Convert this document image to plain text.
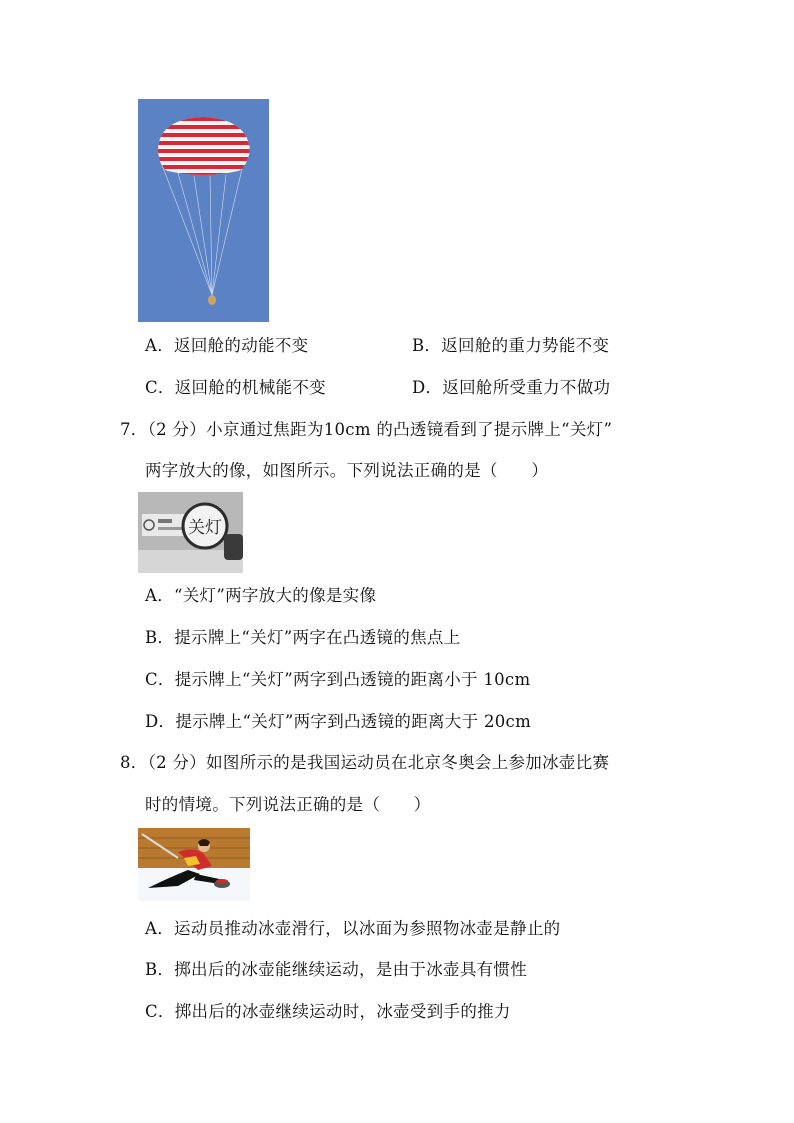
A．返回舱的动能不变	B．返回舱的重力势能不变
C．返回舱的机械能不变	D．返回舱所受重力不做功
7．（2 分）小京通过焦距为10cm 的凸透镜看到了提示牌上“关灯”
两字放大的像，如图所示。下列说法正确的是（　　）
关灯
A．“关灯”两字放大的像是实像
B．提示牌上“关灯”两字在凸透镜的焦点上
C．提示牌上“关灯”两字到凸透镜的距离小于 10cm
D．提示牌上“关灯”两字到凸透镜的距离大于 20cm
8．（2 分）如图所示的是我国运动员在北京冬奥会上参加冰壶比赛
时的情境。下列说法正确的是（　　）
A．运动员推动冰壶滑行，以冰面为参照物冰壶是静止的
B．掷出后的冰壶能继续运动，是由于冰壶具有惯性
C．掷出后的冰壶继续运动时，冰壶受到手的推力
